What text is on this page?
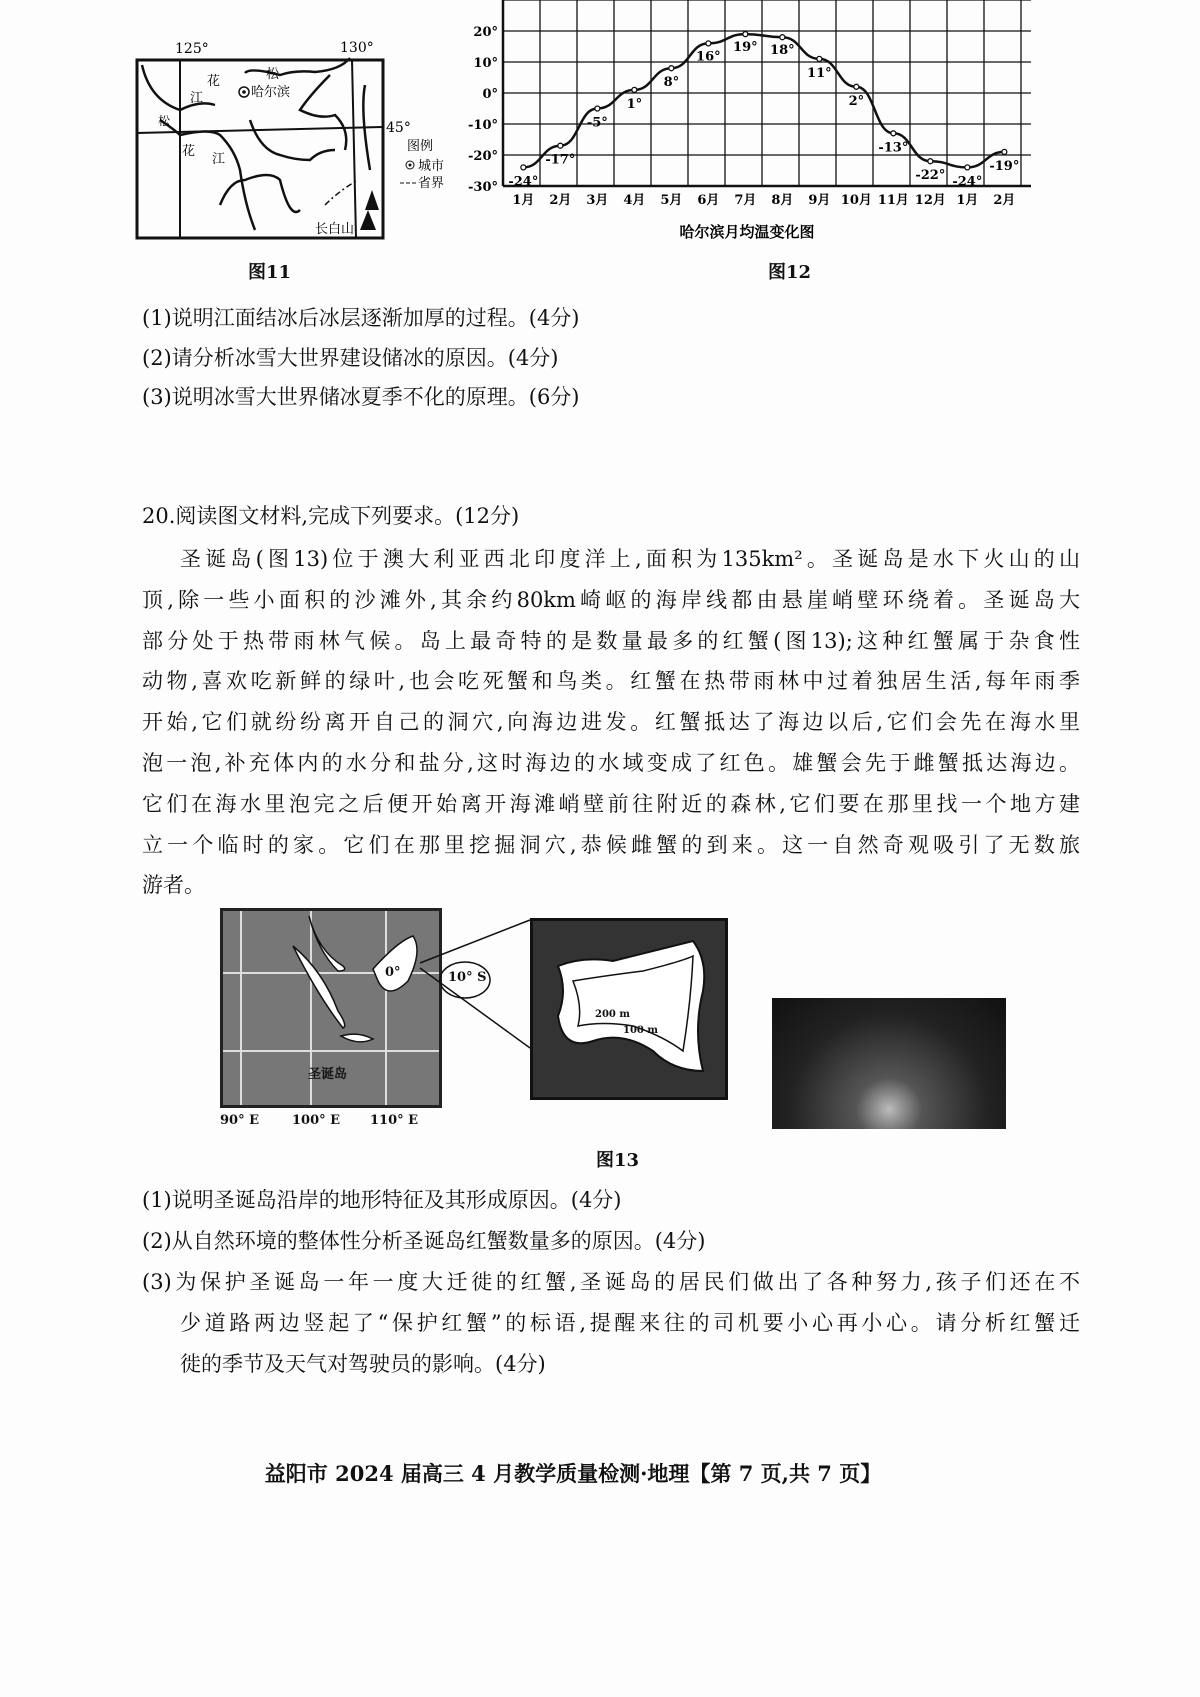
125°	130°
45°
松
花
江
松
花
江
哈尔滨
长白山
图例
城市
省界
图11
20°
10°
0°
-10°
-20°
-30° -24°
1月
-17°
2月
-5°
3月
1°
4月
8°
5月
16°
6月
19°
7月
18°
8月
11°
9月
2°
10月
-13°
11月
-22°
12月
-24°
1月
-19°
2月
哈尔滨月均温变化图
图12
(1)说明江面结冰后冰层逐渐加厚的过程。(4分)
(2)请分析冰雪大世界建设储冰的原因。(4分)
(3)说明冰雪大世界储冰夏季不化的原理。(6分)
20.阅读图文材料,完成下列要求。(12分)
圣诞岛(图13)位于澳大利亚西北印度洋上,面积为135km²。圣诞岛是水下火山的山
顶,除一些小面积的沙滩外,其余约80km崎岖的海岸线都由悬崖峭壁环绕着。圣诞岛大
部分处于热带雨林气候。岛上最奇特的是数量最多的红蟹(图13);这种红蟹属于杂食性
动物,喜欢吃新鲜的绿叶,也会吃死蟹和鸟类。红蟹在热带雨林中过着独居生活,每年雨季
开始,它们就纷纷离开自己的洞穴,向海边进发。红蟹抵达了海边以后,它们会先在海水里
泡一泡,补充体内的水分和盐分,这时海边的水域变成了红色。雄蟹会先于雌蟹抵达海边。
它们在海水里泡完之后便开始离开海滩峭壁前往附近的森林,它们要在那里找一个地方建
立一个临时的家。它们在那里挖掘洞穴,恭候雌蟹的到来。这一自然奇观吸引了无数旅
游者。
0°
圣诞岛
10° S
90° E	100° E 110° E
200 m
100 m
图13
(1)说明圣诞岛沿岸的地形特征及其形成原因。(4分)
(2)从自然环境的整体性分析圣诞岛红蟹数量多的原因。(4分)
(3)为保护圣诞岛一年一度大迁徙的红蟹,圣诞岛的居民们做出了各种努力,孩子们还在不
少道路两边竖起了“保护红蟹”的标语,提醒来往的司机要小心再小心。请分析红蟹迁
徙的季节及天气对驾驶员的影响。(4分)
益阳市 2024 届高三 4 月教学质量检测·地理【第 7 页,共 7 页】
